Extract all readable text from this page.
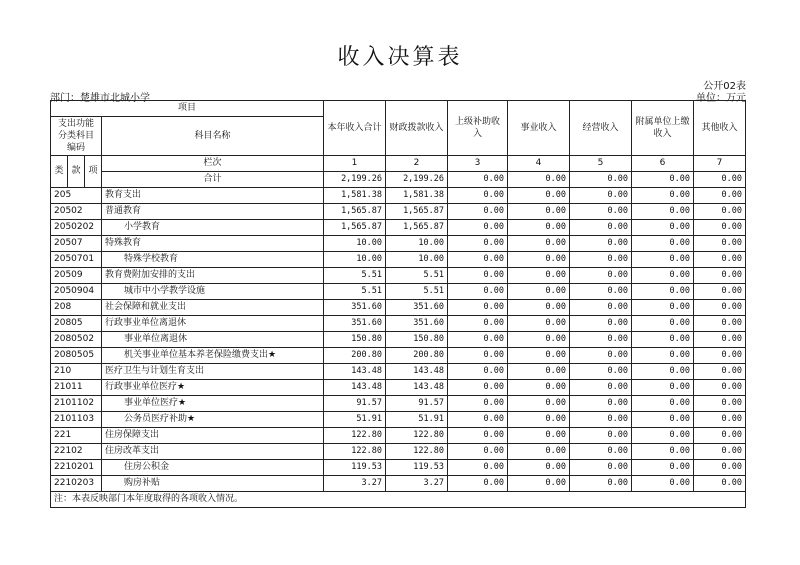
收入决算表
公开02表
部门：楚雄市北城小学	单位：万元
项目				本年收入合计	财政拨款收入	上级补助收入	事业收入	经营收入	附属单位上缴收入	其他收入
支出功能分类科目编码			科目名称							

类	款	项	栏次	1	2	3	4	5	6	7
			合计	2,199.26	2,199.26	0.00	0.00	0.00	0.00	0.00
205			教育支出	1,581.38	1,581.38	0.00	0.00	0.00	0.00	0.00
20502			普通教育	1,565.87	1,565.87	0.00	0.00	0.00	0.00	0.00
2050202			小学教育	1,565.87	1,565.87	0.00	0.00	0.00	0.00	0.00
20507			特殊教育	10.00	10.00	0.00	0.00	0.00	0.00	0.00
2050701			特殊学校教育	10.00	10.00	0.00	0.00	0.00	0.00	0.00
20509			教育费附加安排的支出	5.51	5.51	0.00	0.00	0.00	0.00	0.00
2050904			城市中小学教学设施	5.51	5.51	0.00	0.00	0.00	0.00	0.00
208			社会保障和就业支出	351.60	351.60	0.00	0.00	0.00	0.00	0.00
20805			行政事业单位离退休	351.60	351.60	0.00	0.00	0.00	0.00	0.00
2080502			事业单位离退休	150.80	150.80	0.00	0.00	0.00	0.00	0.00
2080505			机关事业单位基本养老保险缴费支出★	200.80	200.80	0.00	0.00	0.00	0.00	0.00
210			医疗卫生与计划生育支出	143.48	143.48	0.00	0.00	0.00	0.00	0.00
21011			行政事业单位医疗★	143.48	143.48	0.00	0.00	0.00	0.00	0.00
2101102			事业单位医疗★	91.57	91.57	0.00	0.00	0.00	0.00	0.00
2101103			公务员医疗补助★	51.91	51.91	0.00	0.00	0.00	0.00	0.00
221			住房保障支出	122.80	122.80	0.00	0.00	0.00	0.00	0.00
22102			住房改革支出	122.80	122.80	0.00	0.00	0.00	0.00	0.00
2210201			住房公积金	119.53	119.53	0.00	0.00	0.00	0.00	0.00
2210203			购房补贴	3.27	3.27	0.00	0.00	0.00	0.00	0.00
注：本表反映部门本年度取得的各项收入情况。										
